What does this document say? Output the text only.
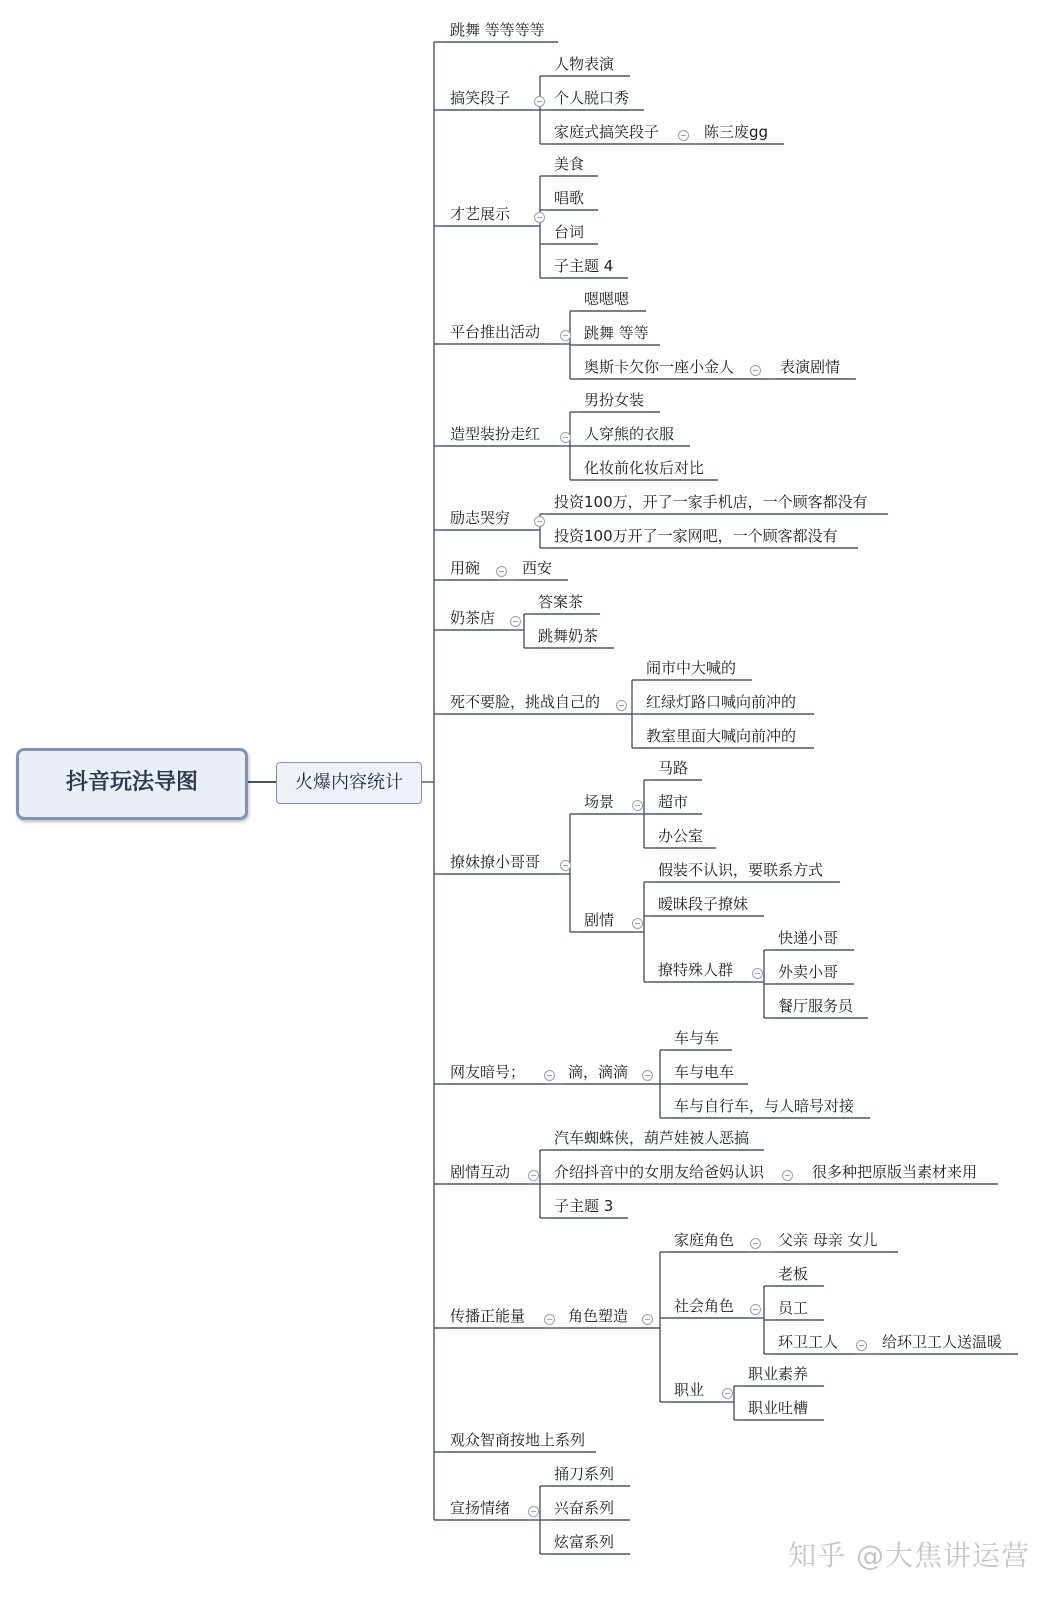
抖音玩法导图	火爆内容统计
知乎 @大焦讲运营
跳舞 等等等等
搞笑段子
人物表演
个人脱口秀
家庭式搞笑段子	陈三废gg
才艺展示
美食
唱歌
台词
子主题 4
平台推出活动
嗯嗯嗯
跳舞 等等
奥斯卡欠你一座小金人	表演剧情
造型装扮走红
男扮女装
人穿熊的衣服
化妆前化妆后对比
励志哭穷
投资100万，开了一家手机店，一个顾客都没有
投资100万开了一家网吧，一个顾客都没有
用碗	西安
奶茶店
答案茶
跳舞奶茶
死不要脸，挑战自己的
闹市中大喊的
红绿灯路口喊向前冲的
教室里面大喊向前冲的
撩妹撩小哥哥
场景
马路
超市
办公室
剧情
假装不认识，要联系方式
暧昧段子撩妹
撩特殊人群
快递小哥
外卖小哥
餐厅服务员
网友暗号；	滴，滴滴
车与车
车与电车
车与自行车，与人暗号对接
剧情互动
汽车蜘蛛侠，葫芦娃被人恶搞
介绍抖音中的女朋友给爸妈认识	很多种把原版当素材来用
子主题 3
传播正能量	角色塑造
家庭角色	父亲 母亲 女儿
社会角色
老板
员工
环卫工人	给环卫工人送温暖
职业
职业素养
职业吐槽
观众智商按地上系列
宣扬情绪
捅刀系列
兴奋系列
炫富系列
−
−
−
−
−
−
−
−
−
−
−
−
−
−
−	−
−	−
−	−
−
−
−
−
−
